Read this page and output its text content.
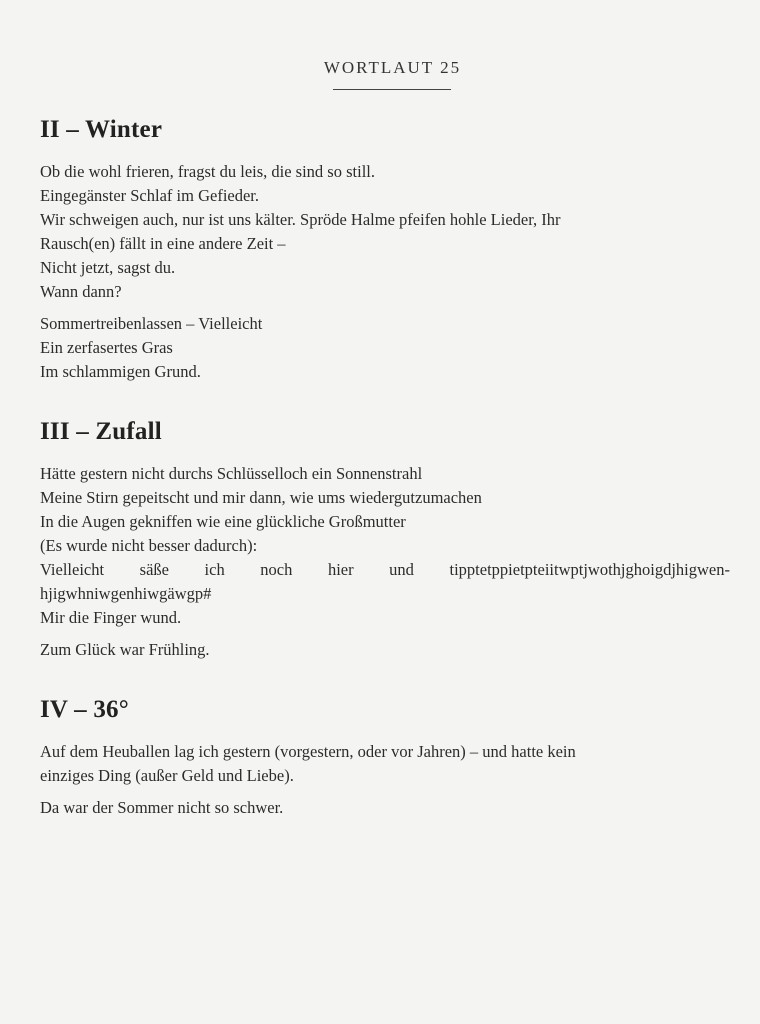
WORTLAUT 25
II – Winter
Ob die wohl frieren, fragst du leis, die sind so still.
Eingegänster Schlaf im Gefieder.
Wir schweigen auch, nur ist uns kälter. Spröde Halme pfeifen hohle Lieder, Ihr
Rausch(en) fällt in eine andere Zeit –
Nicht jetzt, sagst du.
Wann dann?
Sommertreibenlassen – Vielleicht
Ein zerfasertes Gras
Im schlammigen Grund.
III – Zufall
Hätte gestern nicht durchs Schlüsselloch ein Sonnenstrahl
Meine Stirn gepeitscht und mir dann, wie ums wiedergutzumachen
In die Augen gekniffen wie eine glückliche Großmutter
(Es wurde nicht besser dadurch):
Vielleicht säße ich noch hier und tipptetppietpteiitwptjwothjghoigdjhigwen-
hjigwhniwgenhiwgäwgp#
Mir die Finger wund.
Zum Glück war Frühling.
IV – 36°
Auf dem Heuballen lag ich gestern (vorgestern, oder vor Jahren) – und hatte kein
einziges Ding (außer Geld und Liebe).
Da war der Sommer nicht so schwer.
